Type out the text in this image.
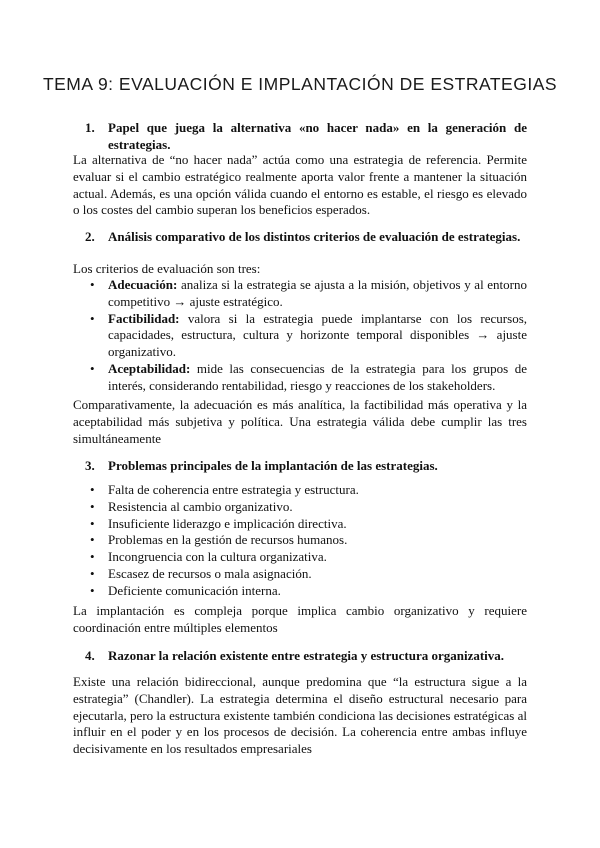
TEMA 9: EVALUACIÓN E IMPLANTACIÓN DE ESTRATEGIAS
1. Papel que juega la alternativa «no hacer nada» en la generación de estrategias.

La alternativa de “no hacer nada” actúa como una estrategia de referencia. Permite evaluar si el cambio estratégico realmente aporta valor frente a mantener la situación actual. Además, es una opción válida cuando el entorno es estable, el riesgo es elevado o los costes del cambio superan los beneficios esperados.

2. Análisis comparativo de los distintos criterios de evaluación de estrategias.

Los criterios de evaluación son tres:

• Adecuación: analiza si la estrategia se ajusta a la misión, objetivos y al entorno competitivo → ajuste estratégico.
• Factibilidad: valora si la estrategia puede implantarse con los recursos, capacidades, estructura, cultura y horizonte temporal disponibles → ajuste organizativo.
• Aceptabilidad: mide las consecuencias de la estrategia para los grupos de interés, considerando rentabilidad, riesgo y reacciones de los stakeholders.

Comparativamente, la adecuación es más analítica, la factibilidad más operativa y la aceptabilidad más subjetiva y política. Una estrategia válida debe cumplir las tres simultáneamente

3. Problemas principales de la implantación de las estrategias.
• Falta de coherencia entre estrategia y estructura.
• Resistencia al cambio organizativo.
• Insuficiente liderazgo e implicación directiva.
• Problemas en la gestión de recursos humanos.
• Incongruencia con la cultura organizativa.
• Escasez de recursos o mala asignación.
• Deficiente comunicación interna.

La implantación es compleja porque implica cambio organizativo y requiere coordinación entre múltiples elementos

4. Razonar la relación existente entre estrategia y estructura organizativa.

Existe una relación bidireccional, aunque predomina que “la estructura sigue a la estrategia” (Chandler). La estrategia determina el diseño estructural necesario para ejecutarla, pero la estructura existente también condiciona las decisiones estratégicas al influir en el poder y en los procesos de decisión. La coherencia entre ambas influye decisivamente en los resultados empresariales
